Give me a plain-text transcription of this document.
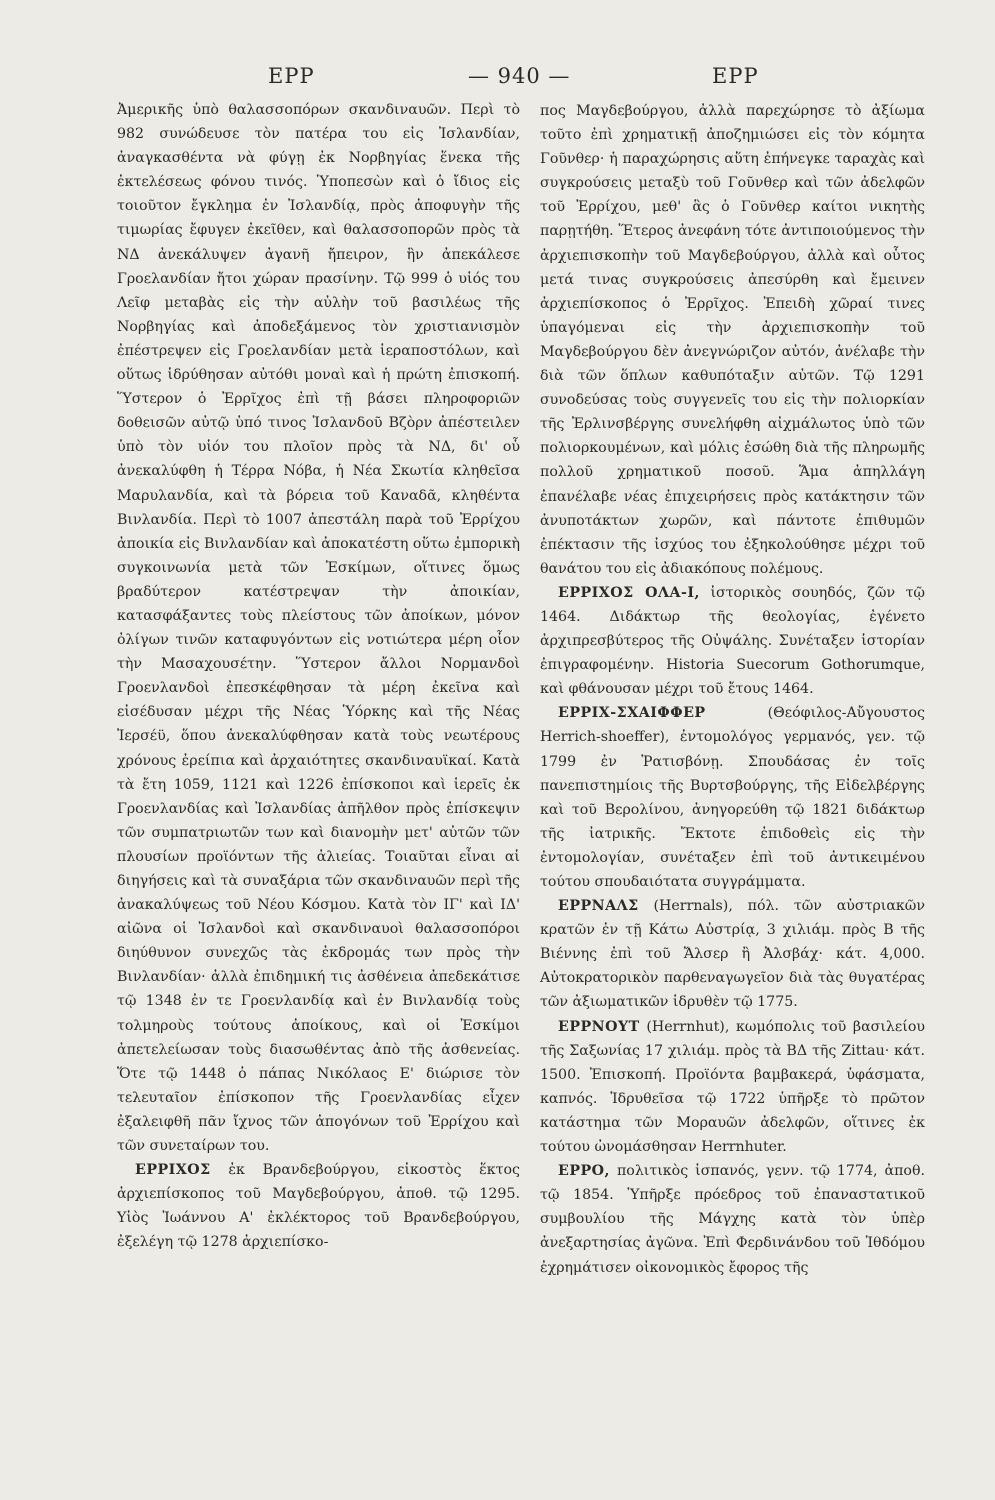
ΕΡΡ	— 940 —	ΕΡΡ

Ἀμερικῆς ὑπὸ θαλασσοπόρων σκανδιναυῶν. Περὶ τὸ 982 συνώδευσε τὸν πατέρα του εἰς Ἰσλανδίαν, ἀναγκασθέντα νὰ φύγῃ ἐκ Νορβηγίας ἕνεκα τῆς ἐκτελέσεως φόνου τινός. Ὑποπεσὼν καὶ ὁ ἴδιος εἰς τοιοῦτον ἔγκλημα ἐν Ἰσλανδίᾳ, πρὸς ἀποφυγὴν τῆς τιμωρίας ἔφυγεν ἐκεῖθεν, καὶ θαλασσοπορῶν πρὸς τὰ ΝΔ ἀνεκάλυψεν ἀγανῆ ἤπειρον, ἣν ἀπεκάλεσε Γροελανδίαν ἤτοι χώραν πρασίνην. Τῷ 999 ὁ υἱός του Λεῖφ μεταβὰς εἰς τὴν αὐλὴν τοῦ βασιλέως τῆς Νορβηγίας καὶ ἀποδεξάμενος τὸν χριστιανισμὸν ἐπέστρεψεν εἰς Γροελανδίαν μετὰ ἱεραποστόλων, καὶ οὕτως ἱδρύθησαν αὐτόθι μοναὶ καὶ ἡ πρώτη ἐπισκοπή. Ὕστερον ὁ Ἐρρῖχος ἐπὶ τῇ βάσει πληροφοριῶν δοθεισῶν αὐτῷ ὑπό τινος Ἰσλανδοῦ Βζὸρν ἀπέστειλεν ὑπὸ τὸν υἱόν του πλοῖον πρὸς τὰ ΝΔ, δι' οὗ ἀνεκαλύφθη ἡ Τέρρα Νόβα, ἡ Νέα Σκωτία κληθεῖσα Μαρυλανδία, καὶ τὰ βόρεια τοῦ Καναδᾶ, κληθέντα Βινλανδία. Περὶ τὸ 1007 ἀπεστάλη παρὰ τοῦ Ἐρρίχου ἀποικία εἰς Βινλανδίαν καὶ ἀποκατέστη οὕτω ἐμπορικὴ συγκοινωνία μετὰ τῶν Ἐσκίμων, οἵτινες ὅμως βραδύτερον κατέστρεψαν τὴν ἀποικίαν, κατασφάξαντες τοὺς πλείστους τῶν ἀποίκων, μόνον ὀλίγων τινῶν καταφυγόντων εἰς νοτιώτερα μέρη οἷον τὴν Μασαχουσέτην. Ὕστερον ἄλλοι Νορμανδοὶ Γροενλανδοὶ ἐπεσκέφθησαν τὰ μέρη ἐκεῖνα καὶ εἰσέδυσαν μέχρι τῆς Νέας Ὑόρκης καὶ τῆς Νέας Ἰερσέϋ, ὅπου ἀνεκαλύφθησαν κατὰ τοὺς νεωτέρους χρόνους ἐρείπια καὶ ἀρχαιότητες σκανδιναυϊκαί. Κατὰ τὰ ἔτη 1059, 1121 καὶ 1226 ἐπίσκοποι καὶ ἱερεῖς ἐκ Γροενλανδίας καὶ Ἰσλανδίας ἀπῆλθον πρὸς ἐπίσκεψιν τῶν συμπατριωτῶν των καὶ διανομὴν μετ' αὐτῶν τῶν πλουσίων προϊόντων τῆς ἁλιείας. Τοιαῦται εἶναι αἱ διηγήσεις καὶ τὰ συναξάρια τῶν σκανδιναυῶν περὶ τῆς ἀνακαλύψεως τοῦ Νέου Κόσμου. Κατὰ τὸν ΙΓ' καὶ ΙΔ' αἰῶνα οἱ Ἰσλανδοὶ καὶ σκανδιναυοὶ θαλασσοπόροι διηύθυνον συνεχῶς τὰς ἐκδρομάς των πρὸς τὴν Βινλανδίαν· ἀλλὰ ἐπιδημική τις ἀσθένεια ἀπεδεκάτισε τῷ 1348 ἐν τε Γροενλανδίᾳ καὶ ἐν Βινλανδίᾳ τοὺς τολμηροὺς τούτους ἀποίκους, καὶ οἱ Ἐσκίμοι ἀπετελείωσαν τοὺς διασωθέντας ἀπὸ τῆς ἀσθενείας. Ὅτε τῷ 1448 ὁ πάπας Νικόλαος Ε' διώρισε τὸν τελευταῖον ἐπίσκοπον τῆς Γροενλανδίας εἶχεν ἐξαλειφθῆ πᾶν ἴχνος τῶν ἀπογόνων τοῦ Ἐρρίχου καὶ τῶν συνεταίρων του.

ΕΡΡΙΧΟΣ ἐκ Βρανδεβούργου, εἰκοστὸς ἕκτος ἀρχιεπίσκοπος τοῦ Μαγδεβούργου, ἀποθ. τῷ 1295. Υἱὸς Ἰωάννου Α' ἐκλέκτορος τοῦ Βρανδεβούργου, ἐξελέγη τῷ 1278 ἀρχιεπίσκο-

πος Μαγδεβούργου, ἀλλὰ παρεχώρησε τὸ ἀξίωμα τοῦτο ἐπὶ χρηματικῇ ἀποζημιώσει εἰς τὸν κόμητα Γοῦνθερ· ἡ παραχώρησις αὕτη ἐπήνεγκε ταραχὰς καὶ συγκρούσεις μεταξὺ τοῦ Γοῦνθερ καὶ τῶν ἀδελφῶν τοῦ Ἐρρίχου, μεθ' ἃς ὁ Γοῦνθερ καίτοι νικητὴς παρῃτήθη. Ἕτερος ἀνεφάνη τότε ἀντιποιούμενος τὴν ἀρχιεπισκοπὴν τοῦ Μαγδεβούργου, ἀλλὰ καὶ οὗτος μετά τινας συγκρούσεις ἀπεσύρθη καὶ ἔμεινεν ἀρχιεπίσκοπος ὁ Ἐρρῖχος. Ἐπειδὴ χῶραί τινες ὑπαγόμεναι εἰς τὴν ἀρχιεπισκοπὴν τοῦ Μαγδεβούργου δὲν ἀνεγνώριζον αὐτόν, ἀνέλαβε τὴν διὰ τῶν ὅπλων καθυπόταξιν αὐτῶν. Τῷ 1291 συνοδεύσας τοὺς συγγενεῖς του εἰς τὴν πολιορκίαν τῆς Ἐρλινσβέργης συνελήφθη αἰχμάλωτος ὑπὸ τῶν πολιορκουμένων, καὶ μόλις ἐσώθη διὰ τῆς πληρωμῆς πολλοῦ χρηματικοῦ ποσοῦ. Ἅμα ἀπηλλάγη ἐπανέλαβε νέας ἐπιχειρήσεις πρὸς κατάκτησιν τῶν ἀνυποτάκτων χωρῶν, καὶ πάντοτε ἐπιθυμῶν ἐπέκτασιν τῆς ἰσχύος του ἐξηκολούθησε μέχρι τοῦ θανάτου του εἰς ἀδιακόπους πολέμους.

ΕΡΡΙΧΟΣ ΟΛΑ-Ι, ἱστορικὸς σουηδός, ζῶν τῷ 1464. Διδάκτωρ τῆς θεολογίας, ἐγένετο ἀρχιπρεσβύτερος τῆς Οὐψάλης. Συνέταξεν ἱστορίαν ἐπιγραφομένην. Historia Suecorum Gothorumque, καὶ φθάνουσαν μέχρι τοῦ ἔτους 1464.

ΕΡΡΙΧ-ΣΧΑΙΦΦΕΡ	(Θεόφιλος-Αὔγουστος Herrich-shoeffer), ἐντομολόγος γερμανός, γεν. τῷ 1799 ἐν Ῥατισβόνῃ. Σπουδάσας ἐν τοῖς πανεπιστημίοις τῆς Βυρτσβούργης, τῆς Εἰδελβέργης καὶ τοῦ Βερολίνου, ἀνηγορεύθη τῷ 1821 διδάκτωρ τῆς ἰατρικῆς. Ἔκτοτε ἐπιδοθεὶς εἰς τὴν ἐντομολογίαν, συνέταξεν ἐπὶ τοῦ ἀντικειμένου τούτου σπουδαιότατα συγγράμματα.

ΕΡΡΝΑΛΣ (Herrnals), πόλ. τῶν αὐστριακῶν κρατῶν ἐν τῇ Κάτω Αὐστρίᾳ, 3 χιλιάμ. πρὸς Β τῆς Βιέννης ἐπὶ τοῦ Ἄλσερ ἢ Ἀλσβάχ· κάτ. 4,000. Αὐτοκρατορικὸν παρθεναγωγεῖον διὰ τὰς θυγατέρας τῶν ἀξιωματικῶν ἱδρυθὲν τῷ 1775.

ΕΡΡΝΟΥΤ (Herrnhut), κωμόπολις τοῦ βασιλείου τῆς Σαξωνίας 17 χιλιάμ. πρὸς τὰ ΒΔ τῆς Zittau· κάτ. 1500. Ἐπισκοπή. Προϊόντα βαμβακερά, ὑφάσματα, καπνός. Ἱδρυθεῖσα τῷ 1722 ὑπῆρξε τὸ πρῶτον κατάστημα τῶν Μοραυῶν ἀδελφῶν, οἵτινες ἐκ τούτου ὠνομάσθησαν Herrnhuter.

ΕΡΡΟ, πολιτικὸς ἱσπανός, γενν. τῷ 1774, ἀποθ. τῷ 1854. Ὑπῆρξε πρόεδρος τοῦ ἐπαναστατικοῦ συμβουλίου τῆς Μάγχης κατὰ τὸν ὑπὲρ ἀνεξαρτησίας ἀγῶνα. Ἐπὶ Φερδινάνδου τοῦ Ἰθδόμου ἐχρημάτισεν οἰκονομικὸς ἔφορος τῆς
